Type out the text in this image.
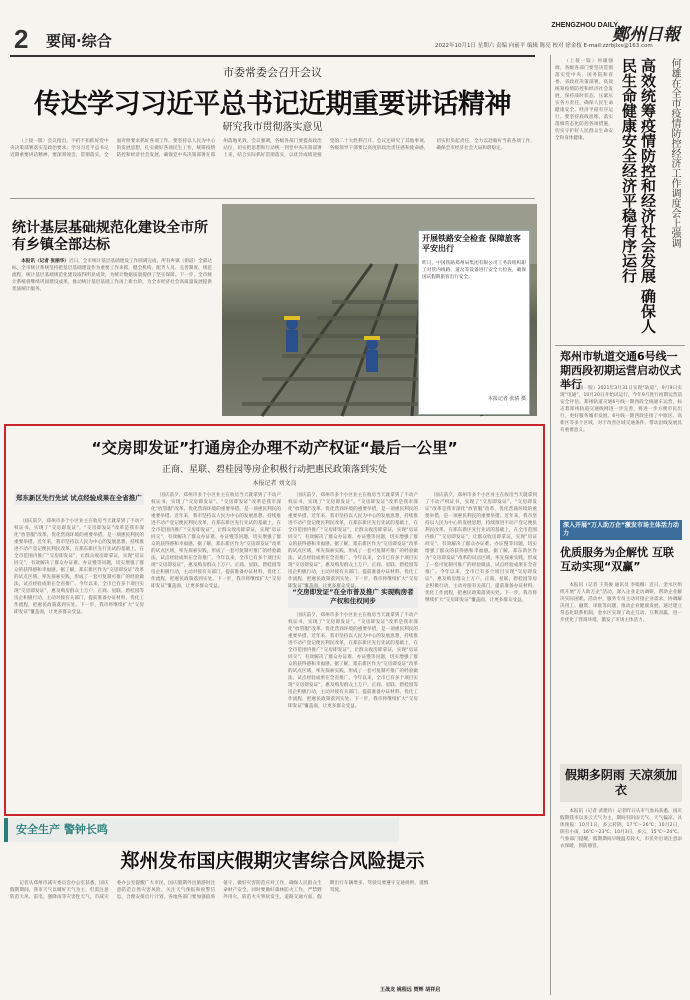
2 要闻·综合
ZHENGZHOU DAILY
鄭州日報
2022年10月1日 星期六 责编 向前平 编辑 陈亮 校对 徐金枝 E-mail:zzrbjlxs@163.com
市委常委会召开会议
传达学习习近平总书记近期重要讲话精神
研究我市贯彻落实意见

（上接一版）会议指出，不折不扣抓好党中央决策部署落实是政治要求。学习习近平总书记近期重要讲话精神，要深刻领会，贯彻落实，全面对照要求抓好各项工作。要坚持以人民为中心的发展思想，扎实做好各项民生工作，统筹疫情防控和经济社会发展，确保党中央决策部署在郑州落地见效。会议强调，各级各部门要提高政治站位，切实把思想和行动统一到党中央决策部署上来，结合实际抓好贯彻落实，以优异成绩迎接党的二十大胜利召开。会议还研究了其他事项。各级领导干部要以高度的政治责任感和使命感，切实担负起责任，全力以赴做好当前各项工作，确保全市经济社会大局和谐稳定。

统计基层基础规范化建设全市所有乡镇全部达标

本报讯（记者 张丽华）近日，全市统计基层基础建设工作圆满完成，所有乡镇（街道）全部达标。全市统计系统坚持把基层基础建设作为重要工作来抓，健全机构、配齐人员、完善制度、规范流程，统计基层基础规范化建设取得明显成效，为统计数据质量提供了坚实保障。下一步，全市统计系统将继续巩固建设成果，推动统计基层基础工作再上新台阶，为全市经济社会高质量发展提供优质统计服务。

开展铁路安全检查 保障旅客平安出行
昨日，中国铁路郑州局集团有限公司工务段组织职工对管内线路、道岔等设备进行安全大检查，确保国庆假期旅客出行安全。
本报记者 张倩 摄
“交房即发证”打通房企办理不动产权证“最后一公里”
正商、星联、碧桂园等房企积极行动把惠民政策落到实处
本报记者 刘文良
郑东新区先行先试 试点经验成果在全省推广

国庆前夕，郑州市多个小区业主在收房当天就拿到了不动产权证书，实现了“交房即发证”。“交房即发证”改革是我市深化“放管服”改革、优化营商环境的重要举措，是一项惠民利民的重要举措。近年来，我市坚持以人民为中心的发展思想，持续推进不动产登记便民利民改革，在郑东新区先行先试的基础上，在全市范围内推广“交房即发证”，让群众收房即拿证，实现“房证同交”，有效解决了群众办证难、办证慢等问题，切实增强了群众的获得感和幸福感。据了解，郑东新区作为“交房即发证”改革的试点区域，率先探索实践，形成了一套可复制可推广的经验做法，试点经验成果在全省推广。今年以来，全市已有多个项目实现“交房即发证”，惠及购房群众上万户。正商、星联、碧桂园等房企积极行动，主动对接有关部门，提前准备办证材料，优化工作流程，把惠民政策落到实处。下一步，我市将继续扩大“交房即发证”覆盖面，让更多群众受益。

国庆前夕，郑州市多个小区业主在收房当天就拿到了不动产权证书，实现了“交房即发证”。“交房即发证”改革是我市深化“放管服”改革、优化营商环境的重要举措，是一项惠民利民的重要举措。近年来，我市坚持以人民为中心的发展思想，持续推进不动产登记便民利民改革，在郑东新区先行先试的基础上，在全市范围内推广“交房即发证”，让群众收房即拿证，实现“房证同交”，有效解决了群众办证难、办证慢等问题，切实增强了群众的获得感和幸福感。据了解，郑东新区作为“交房即发证”改革的试点区域，率先探索实践，形成了一套可复制可推广的经验做法，试点经验成果在全省推广。今年以来，全市已有多个项目实现“交房即发证”，惠及购房群众上万户。正商、星联、碧桂园等房企积极行动，主动对接有关部门，提前准备办证材料，优化工作流程，把惠民政策落到实处。下一步，我市将继续扩大“交房即发证”覆盖面，让更多群众受益。

“交房即发证”在全市普及推广 实现购房者产权和住权同步

国庆前夕，郑州市多个小区业主在收房当天就拿到了不动产权证书，实现了“交房即发证”。“交房即发证”改革是我市深化“放管服”改革、优化营商环境的重要举措，是一项惠民利民的重要举措。近年来，我市坚持以人民为中心的发展思想，持续推进不动产登记便民利民改革，在郑东新区先行先试的基础上，在全市范围内推广“交房即发证”，让群众收房即拿证，实现“房证同交”，有效解决了群众办证难、办证慢等问题，切实增强了群众的获得感和幸福感。据了解，郑东新区作为“交房即发证”改革的试点区域，率先探索实践，形成了一套可复制可推广的经验做法，试点经验成果在全省推广。今年以来，全市已有多个项目实现“交房即发证”，惠及购房群众上万户。正商、星联、碧桂园等房企积极行动，主动对接有关部门，提前准备办证材料，优化工作流程，把惠民政策落到实处。下一步，我市将继续扩大“交房即发证”覆盖面，让更多群众受益。

国庆前夕，郑州市多个小区业主在收房当天就拿到了不动产权证书，实现了“交房即发证”。“交房即发证”改革是我市深化“放管服”改革、优化营商环境的重要举措，是一项惠民利民的重要举措。近年来，我市坚持以人民为中心的发展思想，持续推进不动产登记便民利民改革，在郑东新区先行先试的基础上，在全市范围内推广“交房即发证”，让群众收房即拿证，实现“房证同交”，有效解决了群众办证难、办证慢等问题，切实增强了群众的获得感和幸福感。据了解，郑东新区作为“交房即发证”改革的试点区域，率先探索实践，形成了一套可复制可推广的经验做法，试点经验成果在全省推广。今年以来，全市已有多个项目实现“交房即发证”，惠及购房群众上万户。正商、星联、碧桂园等房企积极行动，主动对接有关部门，提前准备办证材料，优化工作流程，把惠民政策落到实处。下一步，我市将继续扩大“交房即发证”覆盖面，让更多群众受益。

国庆前夕，郑州市多个小区业主在收房当天就拿到了不动产权证书，实现了“交房即发证”。“交房即发证”改革是我市深化“放管服”改革、优化营商环境的重要举措，是一项惠民利民的重要举措。近年来，我市坚持以人民为中心的发展思想，持续推进不动产登记便民利民改革，在郑东新区先行先试的基础上，在全市范围内推广“交房即发证”，让群众收房即拿证，实现“房证同交”，有效解决了群众办证难、办证慢等问题，切实增强了群众的获得感和幸福感。据了解，郑东新区作为“交房即发证”改革的试点区域，率先探索实践，形成了一套可复制可推广的经验做法，试点经验成果在全省推广。今年以来，全市已有多个项目实现“交房即发证”，惠及购房群众上万户。正商、星联、碧桂园等房企积极行动，主动对接有关部门，提前准备办证材料，优化工作流程，把惠民政策落到实处。下一步，我市将继续扩大“交房即发证”覆盖面，让更多群众受益。

安全生产 警钟长鸣
郑州发布国庆假期灾害综合风险提示

记者从郑州市减灾委员会办公室获悉，国庆假期期间，我市天气以晴好天气为主，但需注意防范大风、雷电、强降雨等灾害性天气。市减灾委办公室提醒广大市民，国庆假期外出旅游时注意防范自然灾害风险，关注天气预报和预警信息，合理安排出行计划。各地各部门要加强值班值守，做好灾害防范应对工作，确保人民群众生命财产安全。同时要做好森林防火工作，严禁野外用火，防范火灾事故发生。道路交通方面，假期出行车辆增多，驾驶员要遵守交通规则，谨慎驾驶。

王战龙 姚程远 贾辉 胡祥启

（上接一版）何雄强调，各级各部门要坚决贯彻落实党中央、国务院和省委、省政府决策部署，高效统筹疫情防控和经济社会发展，保持战时状态，压紧压实各方责任，确保人民生命健康安全、经济平稳有序运行。要坚持底线思维，落实落细常态化防控各项措施，切实守护好人民群众生命安全和身体健康。	高效统筹疫情防控和经济社会发展 确保人民生命健康安全经济平稳有序运行	何雄在全市疫情防控经济工作调度会上强调
郑州市轨道交通6号线一期西段初期运营启动仪式举行

（上接一版）2021年3月31日实现“轨道”，9月9日实现“电通”，10月20日开始试运行，今年9月进行初期运营前安全评估。郑州轨道交通6号线一期西段全线通车运营，标志着郑州轨道交通线网进一步完善，将进一步方便市民出行，更好服务城市发展。6号线一期西段连接了中原区、高新区等多个区域，对于改善区域交通条件、带动沿线发展具有重要意义。

深入开展“万人助万企”激发市场主体活力动力
优质服务为企解忧 互联互动实现“双赢”

本报讯（记者 王英俊 通讯员 李娟娜）近日，金水区组织开展“万人助万企”活动，深入企业走访调研，帮助企业解决实际困难。活动中，服务专员主动对接企业需求，协调解决用工、融资、审批等问题，推动企业健康发展。通过建立常态化联系机制，金水区实现了政企互动、互利双赢，进一步优化了营商环境，激发了市场主体活力。

假期多阴雨 天凉须加衣

本报讯（记者 武建玲）记者昨日从市气象局获悉，国庆假期我市以多云天气为主，期间有阴雨天气，天气偏凉。具体预报：10月1日，多云转阴，17℃～26℃；10月2日，阴有小雨，16℃～23℃；10月3日，多云，15℃～24℃。气象部门提醒，假期期间早晚温差较大，市民外出请注意添衣保暖，预防感冒。
